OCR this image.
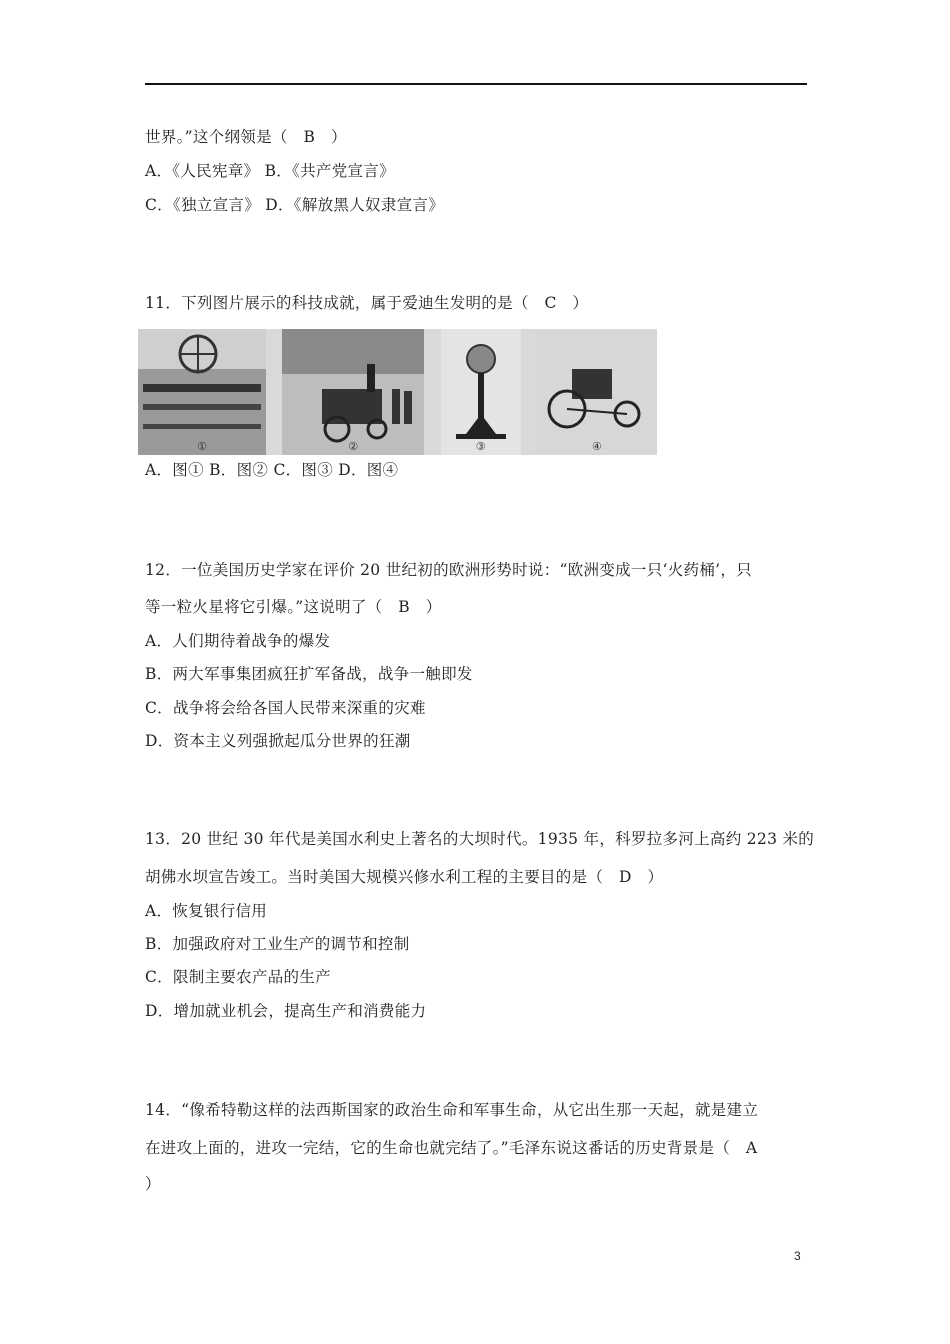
世界。”这个纲领是（　B　）
A．《人民宪章》 B．《共产党宣言》
C．《独立宣言》 D．《解放黑人奴隶宣言》
11．下列图片展示的科技成就，属于爱迪生发明的是（　C　）
①	②	③	④
A．图① B．图② C．图③ D．图④
12．一位美国历史学家在评价 20 世纪初的欧洲形势时说：“欧洲变成一只‘火药桶’，只
等一粒火星将它引爆。”这说明了（　B　）
A．人们期待着战争的爆发
B．两大军事集团疯狂扩军备战，战争一触即发
C．战争将会给各国人民带来深重的灾难
D．资本主义列强掀起瓜分世界的狂潮
13．20 世纪 30 年代是美国水利史上著名的大坝时代。1935 年，科罗拉多河上高约 223 米的
胡佛水坝宣告竣工。当时美国大规模兴修水利工程的主要目的是（　D　）
A．恢复银行信用
B．加强政府对工业生产的调节和控制
C．限制主要农产品的生产
D．增加就业机会，提高生产和消费能力
14．“像希特勒这样的法西斯国家的政治生命和军事生命，从它出生那一天起，就是建立
在进攻上面的，进攻一完结，它的生命也就完结了。”毛泽东说这番话的历史背景是（　A
）
3
